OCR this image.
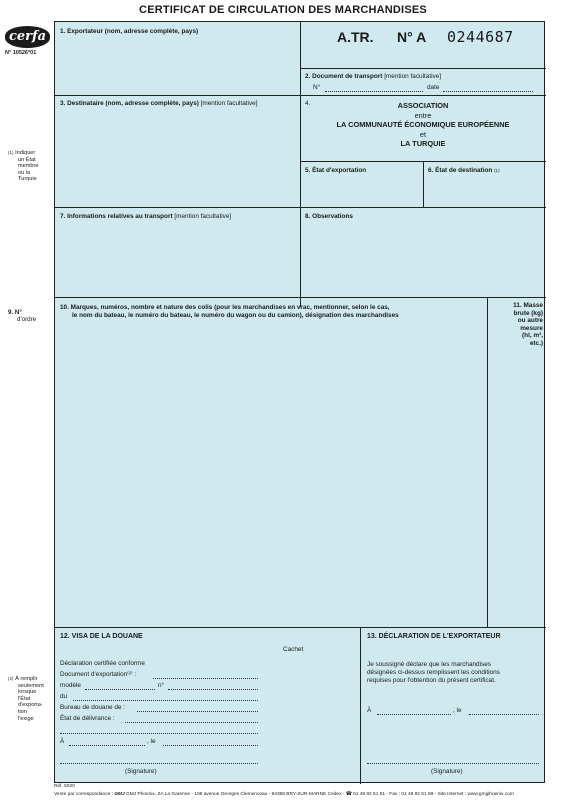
CERTIFICAT DE CIRCULATION DES MARCHANDISES
cerfa
N° 10526*01
$^{(1)}$ Indiquer
un État
membre
ou la
Turquie
9. N°
d'ordre
$^{(2)}$ À remplir
seulement
lorsque
l'État
d'exporta-
tion
l'exige
1. Exportateur (nom, adresse complète, pays)	A.TR. N° A 0244687
2. Document de transport [mention facultative]
N°	date
3. Destinataire (nom, adresse complète, pays) [mention facultative]	4.	ASSOCIATION
entre
LA COMMUNAUTÉ ÉCONOMIQUE EUROPÉENNE
et
LA TURQUIE
5. État d'exportation	6. État de destination $^{(1)}$
7. Informations relatives au transport [mention facultative]	8. Observations
10. Marques, numéros, nombre et nature des colis (pour les marchandises en vrac, mentionner, selon le cas,
le nom du bateau, le numéro du bateau, le numéro du wagon ou du camion), désignation des marchandises
11. Masse
brute (kg)
ou autre
mesure
(hl, m³,
etc.)
12. VISA DE LA DOUANE
Cachet
Déclaration certifiée conforme
Document d'exportation⁽²⁾ :
modèle	n°
du
Bureau de douane de :
État de délivrance :
À	, le
(Signature)
13. DÉCLARATION DE L'EXPORTATEUR
Je soussigné déclare que les marchandises
désignées ci-dessus remplissent les conditions
requises pour l'obtention du présent certificat.
À	, le
(Signature)
Réf. 5020
Vente par correspondance : GMJ GMJ Phoenix, ZA La Garenne - 108 avenue Georges Clemenceau - 94368 BRY-SUR-MARNE Cedex - ☎ 01 48 82 51 51 - Fax : 01 48 82 51 59 - Site Internet : www.gmjphoenix.com
